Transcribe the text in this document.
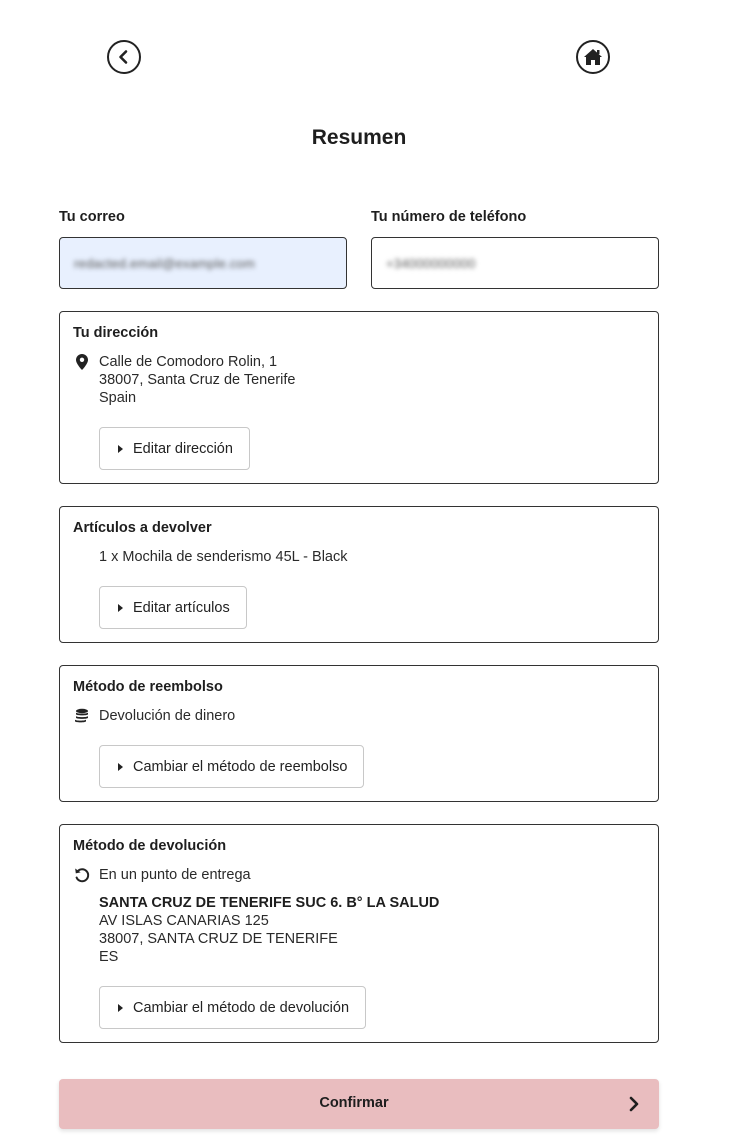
Resumen
Tu correo	Tu número de teléfono
redacted.email@example.com	+34000000000
Tu dirección
Calle de Comodoro Rolin, 1
38007, Santa Cruz de Tenerife
Spain
Editar dirección
Artículos a devolver
1 x Mochila de senderismo 45L - Black
Editar artículos
Método de reembolso
Devolución de dinero
Cambiar el método de reembolso
Método de devolución
En un punto de entrega
SANTA CRUZ DE TENERIFE SUC 6. B° LA SALUD
AV ISLAS CANARIAS 125
38007, SANTA CRUZ DE TENERIFE
ES
Cambiar el método de devolución
Confirmar
